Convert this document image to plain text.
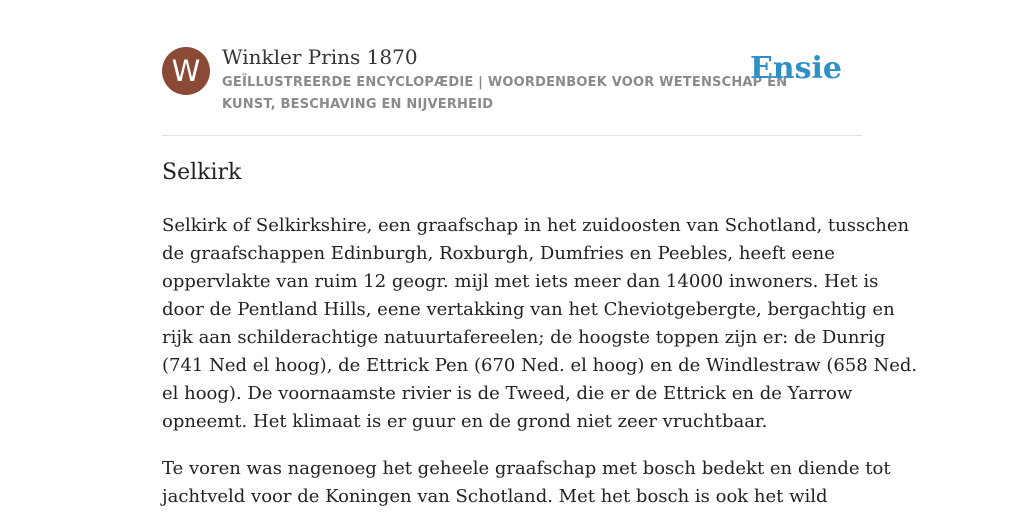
W	Winkler Prins 1870
GEÏLLUSTREERDE ENCYCLOPÆDIE | WOORDENBOEK VOOR WETENSCHAP EN
KUNST, BESCHAVING EN NIJVERHEID
Ensie
Selkirk
Selkirk of Selkirkshire, een graafschap in het zuidoosten van Schotland, tusschen
de graafschappen Edinburgh, Roxburgh, Dumfries en Peebles, heeft eene
oppervlakte van ruim 12 geogr. mijl met iets meer dan 14000 inwoners. Het is
door de Pentland Hills, eene vertakking van het Cheviotgebergte, bergachtig en
rijk aan schilderachtige natuurtafereelen; de hoogste toppen zijn er: de Dunrig
(741 Ned el hoog), de Ettrick Pen (670 Ned. el hoog) en de Windlestraw (658 Ned.
el hoog). De voornaamste rivier is de Tweed, die er de Ettrick en de Yarrow
opneemt. Het klimaat is er guur en de grond niet zeer vruchtbaar.
Te voren was nagenoeg het geheele graafschap met bosch bedekt en diende tot
jachtveld voor de Koningen van Schotland. Met het bosch is ook het wild
